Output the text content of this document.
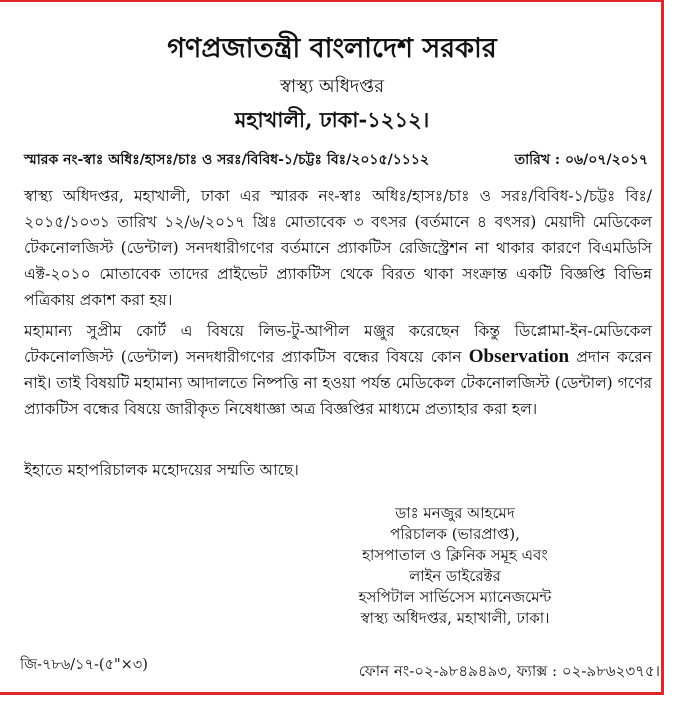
গণপ্রজাতন্ত্রী বাংলাদেশ সরকার
স্বাস্থ্য অধিদপ্তর
মহাখালী, ঢাকা-১২১২।
স্মারক নং-স্বাঃ অধিঃ/হাসঃ/চাঃ ও সরঃ/বিবিধ-১/চট্টঃ বিঃ/২০১৫/১১১২	তারিখ : ০৬/০৭/২০১৭
স্বাস্থ্য অধিদপ্তর, মহাখালী, ঢাকা এর স্মারক নং-স্বাঃ অধিঃ/হাসঃ/চাঃ ও সরঃ/বিবিধ-১/চট্টঃ বিঃ/২০১৫/১০৩১ তারিখ ১২/৬/২০১৭ খ্রিঃ মোতাবেক ৩ বৎসর (বর্তমানে ৪ বৎসর) মেয়াদী মেডিকেল টেকনোলজিস্ট (ডেন্টাল) সনদধারীগণের বর্তমানে প্র্যাকটিস রেজিস্ট্রেশন না থাকার কারণে বিএমডিসি এক্ট-২০১০ মোতাবেক তাদের প্রাইভেট প্র্যাকটিস থেকে বিরত থাকা সংক্রান্ত একটি বিজ্ঞপ্তি বিভিন্ন পত্রিকায় প্রকাশ করা হয়।
মহামান্য সুপ্রীম কোর্ট এ বিষয়ে লিভ-টু-আপীল মঞ্জুর করেছেন কিন্তু ডিপ্লোমা-ইন-মেডিকেল টেকনোলজিস্ট (ডেন্টাল) সনদধারীগণের প্র্যাকটিস বন্ধের বিষয়ে কোন Observation প্রদান করেন নাই। তাই বিষয়টি মহামান্য আদালতে নিষ্পত্তি না হওয়া পর্যন্ত মেডিকেল টেকনোলজিস্ট (ডেন্টাল) গণের প্র্যাকটিস বন্ধের বিষয়ে জারীকৃত নিষেধাজ্ঞা অত্র বিজ্ঞপ্তির মাধ্যমে প্রত্যাহার করা হল।
ইহাতে মহাপরিচালক মহোদয়ের সম্মতি আছে।
ডাঃ মনজুর আহমেদ
পরিচালক (ভারপ্রাপ্ত),
হাসপাতাল ও ক্লিনিক সমূহ এবং
লাইন ডাইরেক্টর
হসপিটাল সার্ভিসেস ম্যানেজমেন্ট
স্বাস্থ্য অধিদপ্তর, মহাখালী, ঢাকা।
জি-৭৮৬/১৭-(৫"×৩)	ফোন নং-০২-৯৮৪৯৪৯৩, ফ্যাক্স : ০২-৯৮৬২৩৭৫।
